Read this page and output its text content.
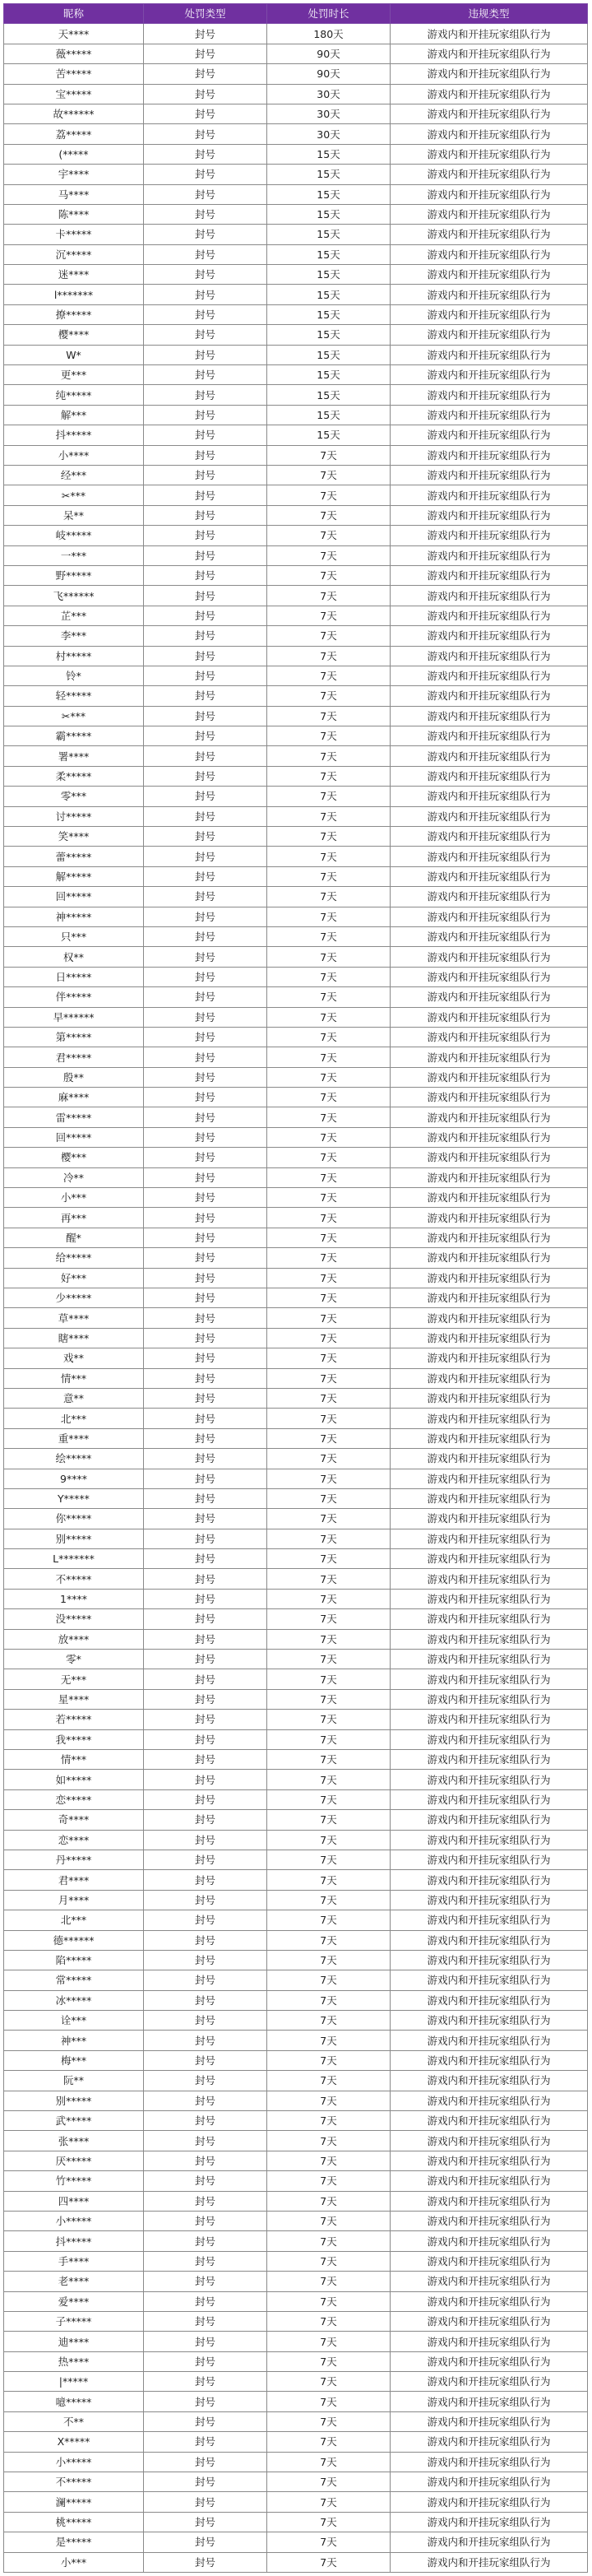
昵称	处罚类型	处罚时长	违规类型
天****	封号	180天	游戏内和开挂玩家组队行为
薇*****	封号	90天	游戏内和开挂玩家组队行为
苦*****	封号	90天	游戏内和开挂玩家组队行为
宝*****	封号	30天	游戏内和开挂玩家组队行为
故******	封号	30天	游戏内和开挂玩家组队行为
荔*****	封号	30天	游戏内和开挂玩家组队行为
(*****	封号	15天	游戏内和开挂玩家组队行为
宇****	封号	15天	游戏内和开挂玩家组队行为
马****	封号	15天	游戏内和开挂玩家组队行为
陈****	封号	15天	游戏内和开挂玩家组队行为
卡*****	封号	15天	游戏内和开挂玩家组队行为
沉*****	封号	15天	游戏内和开挂玩家组队行为
迷****	封号	15天	游戏内和开挂玩家组队行为
l*******	封号	15天	游戏内和开挂玩家组队行为
撩*****	封号	15天	游戏内和开挂玩家组队行为
樱****	封号	15天	游戏内和开挂玩家组队行为
W*	封号	15天	游戏内和开挂玩家组队行为
更***	封号	15天	游戏内和开挂玩家组队行为
纯*****	封号	15天	游戏内和开挂玩家组队行为
解***	封号	15天	游戏内和开挂玩家组队行为
抖*****	封号	15天	游戏内和开挂玩家组队行为
小****	封号	7天	游戏内和开挂玩家组队行为
经***	封号	7天	游戏内和开挂玩家组队行为
✂***	封号	7天	游戏内和开挂玩家组队行为
呆**	封号	7天	游戏内和开挂玩家组队行为
岐*****	封号	7天	游戏内和开挂玩家组队行为
一***	封号	7天	游戏内和开挂玩家组队行为
野*****	封号	7天	游戏内和开挂玩家组队行为
飞******	封号	7天	游戏内和开挂玩家组队行为
芷***	封号	7天	游戏内和开挂玩家组队行为
李***	封号	7天	游戏内和开挂玩家组队行为
村*****	封号	7天	游戏内和开挂玩家组队行为
铃*	封号	7天	游戏内和开挂玩家组队行为
轻*****	封号	7天	游戏内和开挂玩家组队行为
✂***	封号	7天	游戏内和开挂玩家组队行为
霸*****	封号	7天	游戏内和开挂玩家组队行为
署****	封号	7天	游戏内和开挂玩家组队行为
柔*****	封号	7天	游戏内和开挂玩家组队行为
零***	封号	7天	游戏内和开挂玩家组队行为
讨*****	封号	7天	游戏内和开挂玩家组队行为
笑****	封号	7天	游戏内和开挂玩家组队行为
蕾*****	封号	7天	游戏内和开挂玩家组队行为
解*****	封号	7天	游戏内和开挂玩家组队行为
回*****	封号	7天	游戏内和开挂玩家组队行为
神*****	封号	7天	游戏内和开挂玩家组队行为
只***	封号	7天	游戏内和开挂玩家组队行为
权**	封号	7天	游戏内和开挂玩家组队行为
日*****	封号	7天	游戏内和开挂玩家组队行为
伴*****	封号	7天	游戏内和开挂玩家组队行为
早******	封号	7天	游戏内和开挂玩家组队行为
第*****	封号	7天	游戏内和开挂玩家组队行为
君*****	封号	7天	游戏内和开挂玩家组队行为
殷**	封号	7天	游戏内和开挂玩家组队行为
麻****	封号	7天	游戏内和开挂玩家组队行为
雷*****	封号	7天	游戏内和开挂玩家组队行为
回*****	封号	7天	游戏内和开挂玩家组队行为
樱***	封号	7天	游戏内和开挂玩家组队行为
冷**	封号	7天	游戏内和开挂玩家组队行为
小***	封号	7天	游戏内和开挂玩家组队行为
再***	封号	7天	游戏内和开挂玩家组队行为
醒*	封号	7天	游戏内和开挂玩家组队行为
给*****	封号	7天	游戏内和开挂玩家组队行为
好***	封号	7天	游戏内和开挂玩家组队行为
少*****	封号	7天	游戏内和开挂玩家组队行为
草****	封号	7天	游戏内和开挂玩家组队行为
瞎****	封号	7天	游戏内和开挂玩家组队行为
戏**	封号	7天	游戏内和开挂玩家组队行为
情***	封号	7天	游戏内和开挂玩家组队行为
意**	封号	7天	游戏内和开挂玩家组队行为
北***	封号	7天	游戏内和开挂玩家组队行为
重****	封号	7天	游戏内和开挂玩家组队行为
绘*****	封号	7天	游戏内和开挂玩家组队行为
9****	封号	7天	游戏内和开挂玩家组队行为
Y*****	封号	7天	游戏内和开挂玩家组队行为
你*****	封号	7天	游戏内和开挂玩家组队行为
别*****	封号	7天	游戏内和开挂玩家组队行为
L*******	封号	7天	游戏内和开挂玩家组队行为
不*****	封号	7天	游戏内和开挂玩家组队行为
1****	封号	7天	游戏内和开挂玩家组队行为
没*****	封号	7天	游戏内和开挂玩家组队行为
放****	封号	7天	游戏内和开挂玩家组队行为
零*	封号	7天	游戏内和开挂玩家组队行为
无***	封号	7天	游戏内和开挂玩家组队行为
星****	封号	7天	游戏内和开挂玩家组队行为
若*****	封号	7天	游戏内和开挂玩家组队行为
我*****	封号	7天	游戏内和开挂玩家组队行为
情***	封号	7天	游戏内和开挂玩家组队行为
如*****	封号	7天	游戏内和开挂玩家组队行为
恋*****	封号	7天	游戏内和开挂玩家组队行为
奇****	封号	7天	游戏内和开挂玩家组队行为
恋****	封号	7天	游戏内和开挂玩家组队行为
丹*****	封号	7天	游戏内和开挂玩家组队行为
君****	封号	7天	游戏内和开挂玩家组队行为
月****	封号	7天	游戏内和开挂玩家组队行为
北***	封号	7天	游戏内和开挂玩家组队行为
德******	封号	7天	游戏内和开挂玩家组队行为
陷*****	封号	7天	游戏内和开挂玩家组队行为
常*****	封号	7天	游戏内和开挂玩家组队行为
冰*****	封号	7天	游戏内和开挂玩家组队行为
诠***	封号	7天	游戏内和开挂玩家组队行为
神***	封号	7天	游戏内和开挂玩家组队行为
梅***	封号	7天	游戏内和开挂玩家组队行为
阮**	封号	7天	游戏内和开挂玩家组队行为
别*****	封号	7天	游戏内和开挂玩家组队行为
武*****	封号	7天	游戏内和开挂玩家组队行为
张****	封号	7天	游戏内和开挂玩家组队行为
厌*****	封号	7天	游戏内和开挂玩家组队行为
竹*****	封号	7天	游戏内和开挂玩家组队行为
四****	封号	7天	游戏内和开挂玩家组队行为
小*****	封号	7天	游戏内和开挂玩家组队行为
抖*****	封号	7天	游戏内和开挂玩家组队行为
手****	封号	7天	游戏内和开挂玩家组队行为
老****	封号	7天	游戏内和开挂玩家组队行为
爱****	封号	7天	游戏内和开挂玩家组队行为
子*****	封号	7天	游戏内和开挂玩家组队行为
迪****	封号	7天	游戏内和开挂玩家组队行为
热****	封号	7天	游戏内和开挂玩家组队行为
|*****	封号	7天	游戏内和开挂玩家组队行为
噫*****	封号	7天	游戏内和开挂玩家组队行为
不**	封号	7天	游戏内和开挂玩家组队行为
X*****	封号	7天	游戏内和开挂玩家组队行为
小*****	封号	7天	游戏内和开挂玩家组队行为
不*****	封号	7天	游戏内和开挂玩家组队行为
澜*****	封号	7天	游戏内和开挂玩家组队行为
桃*****	封号	7天	游戏内和开挂玩家组队行为
是*****	封号	7天	游戏内和开挂玩家组队行为
小***	封号	7天	游戏内和开挂玩家组队行为
